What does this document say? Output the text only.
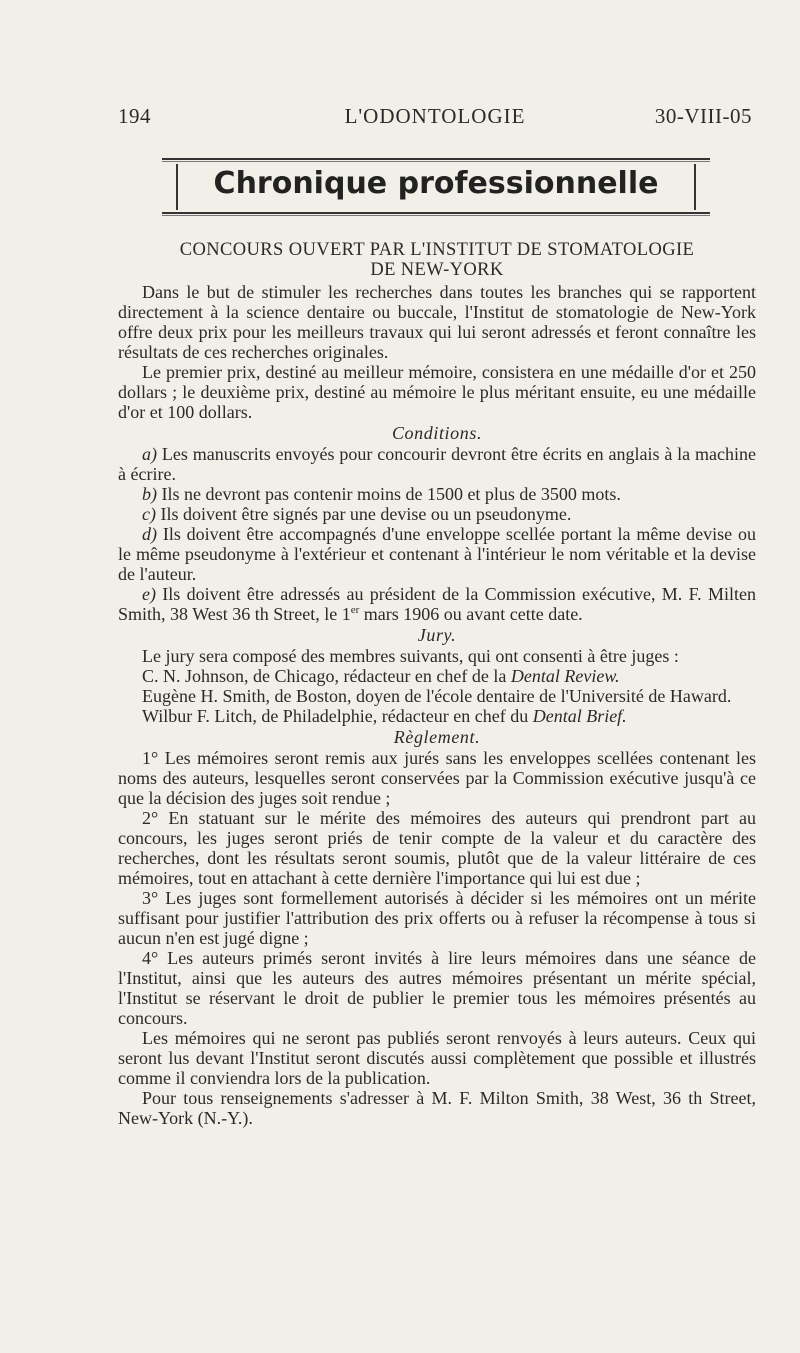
194	L'ODONTOLOGIE	30-VIII-05
Chronique professionnelle

CONCOURS OUVERT PAR L'INSTITUT DE STOMATOLOGIE
DE NEW-YORK

Dans le but de stimuler les recherches dans toutes les branches qui se rapportent directement à la science dentaire ou buccale, l'Institut de stomatologie de New-York offre deux prix pour les meilleurs travaux qui lui seront adressés et feront connaître les résultats de ces recherches originales.

Le premier prix, destiné au meilleur mémoire, consistera en une médaille d'or et 250 dollars ; le deuxième prix, destiné au mémoire le plus méritant ensuite, eu une médaille d'or et 100 dollars.

Conditions.

a) Les manuscrits envoyés pour concourir devront être écrits en anglais à la machine à écrire.

b) Ils ne devront pas contenir moins de 1500 et plus de 3500 mots.

c) Ils doivent être signés par une devise ou un pseudonyme.

d) Ils doivent être accompagnés d'une enveloppe scellée portant la même devise ou le même pseudonyme à l'extérieur et contenant à l'intérieur le nom véritable et la devise de l'auteur.

e) Ils doivent être adressés au président de la Commission exécutive, M. F. Milten Smith, 38 West 36 th Street, le 1er mars 1906 ou avant cette date.

Jury.

Le jury sera composé des membres suivants, qui ont consenti à être juges :

C. N. Johnson, de Chicago, rédacteur en chef de la Dental Review.

Eugène H. Smith, de Boston, doyen de l'école dentaire de l'Université de Haward.

Wilbur F. Litch, de Philadelphie, rédacteur en chef du Dental Brief.

Règlement.

1° Les mémoires seront remis aux jurés sans les enveloppes scellées contenant les noms des auteurs, lesquelles seront conservées par la Commission exécutive jusqu'à ce que la décision des juges soit rendue ;

2° En statuant sur le mérite des mémoires des auteurs qui prendront part au concours, les juges seront priés de tenir compte de la valeur et du caractère des recherches, dont les résultats seront soumis, plutôt que de la valeur littéraire de ces mémoires, tout en attachant à cette dernière l'importance qui lui est due ;

3° Les juges sont formellement autorisés à décider si les mémoires ont un mérite suffisant pour justifier l'attribution des prix offerts ou à refuser la récompense à tous si aucun n'en est jugé digne ;

4° Les auteurs primés seront invités à lire leurs mémoires dans une séance de l'Institut, ainsi que les auteurs des autres mémoires présentant un mérite spécial, l'Institut se réservant le droit de publier le premier tous les mémoires présentés au concours.

Les mémoires qui ne seront pas publiés seront renvoyés à leurs auteurs. Ceux qui seront lus devant l'Institut seront discutés aussi complètement que possible et illustrés comme il conviendra lors de la publication.

Pour tous renseignements s'adresser à M. F. Milton Smith, 38 West, 36 th Street, New-York (N.-Y.).
